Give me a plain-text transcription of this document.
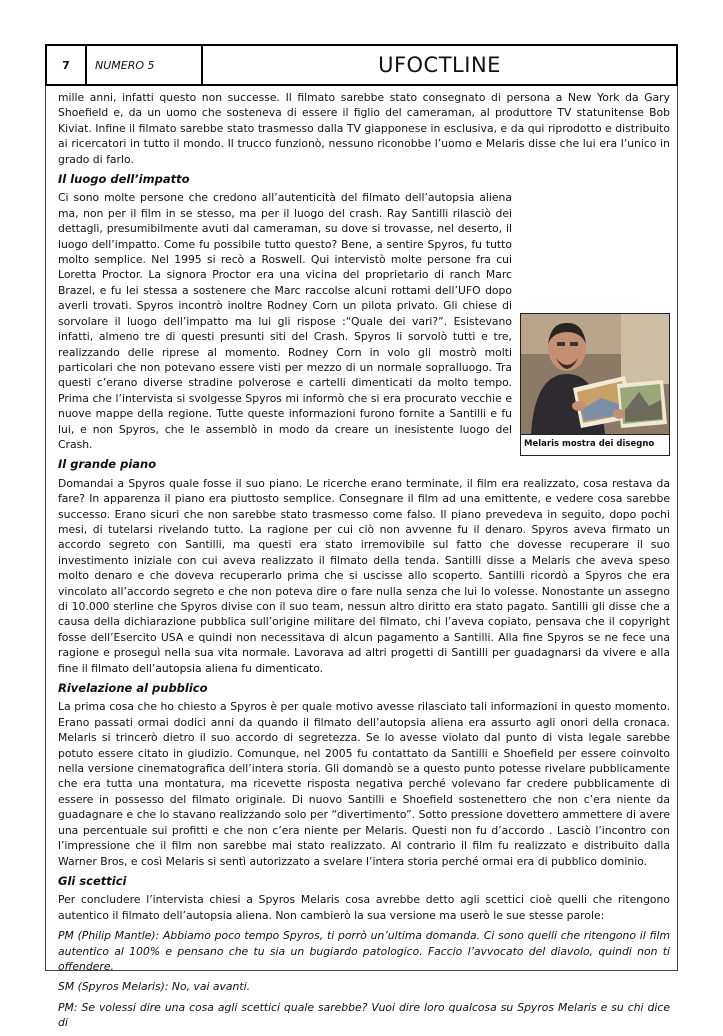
7	NUMERO 5	UFOCTLINE

mille anni, infatti questo non successe. Il filmato sarebbe stato consegnato di persona a New York da Gary Shoefield e, da un uomo che sosteneva di essere il figlio del cameraman, al produttore TV statunitense Bob Kiviat. Infine il filmato sarebbe stato trasmesso dalla TV giapponese in esclusiva, e da qui riprodotto e distribuito ai ricercatori in tutto il mondo. Il trucco funzionò, nessuno riconobbe l’uomo e Melaris disse che lui era l’unico in grado di farlo.

Il luogo dell’impatto

Melaris mostra dei disegno
Ci sono molte persone che credono all’autenticità del filmato dell’autopsia aliena ma, non per il film in se stesso, ma per il luogo del crash. Ray Santilli rilasciò dei dettagli, presumibilmente avuti dal cameraman, su dove si trovasse, nel deserto, il luogo dell’impatto. Come fu possibile tutto questo? Bene, a sentire Spyros, fu tutto molto semplice. Nel 1995 si recò a Roswell. Qui intervistò molte persone fra cui Loretta Proctor. La signora Proctor era una vicina del proprietario di ranch Marc Brazel, e fu lei stessa a sostenere che Marc raccolse alcuni rottami dell’UFO dopo averli trovati. Spyros incontrò inoltre Rodney Corn un pilota privato. Gli chiese di sorvolare il luogo dell’impatto ma lui gli rispose :“Quale dei vari?”. Esistevano infatti, almeno tre di questi presunti siti del Crash. Spyros li sorvolò tutti e tre, realizzando delle riprese al momento. Rodney Corn in volo gli mostrò molti particolari che non potevano essere visti per mezzo di un normale sopralluogo. Tra questi c’erano diverse stradine polverose e cartelli dimenticati da molto tempo. Prima che l’intervista si svolgesse Spyros mi informò che si era procurato vecchie e nuove mappe della regione. Tutte queste informazioni furono fornite a Santilli e fu lui, e non Spyros, che le assemblò in modo da creare un inesistente luogo del Crash.

Il grande piano

Domandai a Spyros quale fosse il suo piano. Le ricerche erano terminate, il film era realizzato, cosa restava da fare? In apparenza il piano era piuttosto semplice. Consegnare il film ad una emittente, e vedere cosa sarebbe successo. Erano sicuri che non sarebbe stato trasmesso come falso. Il piano prevedeva in seguito, dopo pochi mesi, di tutelarsi rivelando tutto. La ragione per cui ciò non avvenne fu il denaro. Spyros aveva firmato un accordo segreto con Santilli, ma questi era stato irremovibile sul fatto che dovesse recuperare il suo investimento iniziale con cui aveva realizzato il filmato della tenda. Santilli disse a Melaris che aveva speso molto denaro e che doveva recuperarlo prima che si uscisse allo scoperto. Santilli ricordò a Spyros che era vincolato all’accordo segreto e che non poteva dire o fare nulla senza che lui lo volesse. Nonostante un assegno di 10.000 sterline che Spyros divise con il suo team, nessun altro diritto era stato pagato. Santilli gli disse che a causa della dichiarazione pubblica sull’origine militare del filmato, chi l’aveva copiato, pensava che il copyright fosse dell’Esercito USA e quindi non necessitava di alcun pagamento a Santilli. Alla fine Spyros se ne fece una ragione e proseguì nella sua vita normale. Lavorava ad altri progetti di Santilli per guadagnarsi da vivere e alla fine il filmato dell’autopsia aliena fu dimenticato.

Rivelazione al pubblico

La prima cosa che ho chiesto a Spyros è per quale motivo avesse rilasciato tali informazioni in questo momento. Erano passati ormai dodici anni da quando il filmato dell’autopsia aliena era assurto agli onori della cronaca. Melaris si trincerò dietro il suo accordo di segretezza. Se lo avesse violato dal punto di vista legale sarebbe potuto essere citato in giudizio. Comunque, nel 2005 fu contattato da Santilli e Shoefield per essere coinvolto nella versione cinematografica dell’intera storia. Gli domandò se a questo punto potesse rivelare pubblicamente che era tutta una montatura, ma ricevette risposta negativa perché volevano far credere pubblicamente di essere in possesso del filmato originale. Di nuovo Santilli e Shoefield sostenettero che non c’era niente da guadagnare e che lo stavano realizzando solo per “divertimento”. Sotto pressione dovettero ammettere di avere una percentuale sui profitti e che non c’era niente per Melaris. Questi non fu d’accordo . Lasciò l’incontro con l’impressione che il film non sarebbe mai stato realizzato. Al contrario il film fu realizzato e distribuito dalla Warner Bros, e così Melaris si sentì autorizzato a svelare l’intera storia perché ormai era di pubblico dominio.

Gli scettici

Per concludere l’intervista chiesi a Spyros Melaris cosa avrebbe detto agli scettici cioè quelli che ritengono autentico il filmato dell’autopsia aliena. Non cambierò la sua versione ma userò le sue stesse parole:

PM (Philip Mantle): Abbiamo poco tempo Spyros, ti porrò un’ultima domanda. Ci sono quelli che ritengono il film autentico al 100% e pensano che tu sia un bugiardo patologico. Faccio l’avvocato del diavolo, quindi non ti offendere.

SM (Spyros Melaris): No, vai avanti.

PM: Se volessi dire una cosa agli scettici quale sarebbe? Vuoi dire loro qualcosa su Spyros Melaris e su chi dice di
